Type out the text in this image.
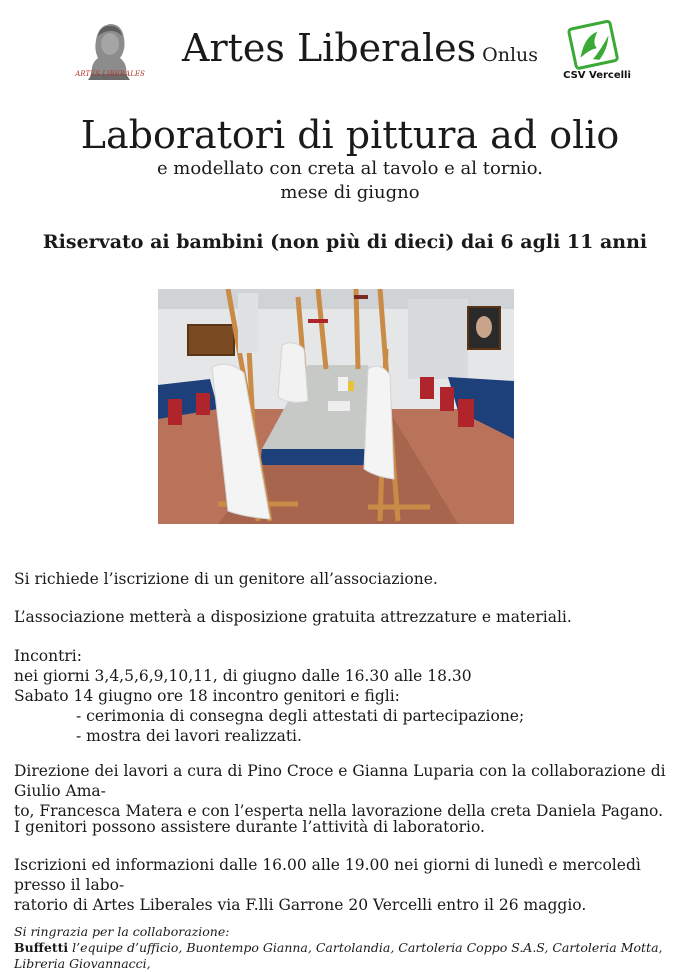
ARTES LIBERALES
Artes Liberales Onlus
CSV Vercelli
Laboratori di pittura ad olio
e modellato con creta al tavolo e al tornio.
mese di giugno
Riservato ai bambini (non più di dieci) dai 6 agli 11 anni
Si richiede l’iscrizione di un genitore all’associazione.
L’associazione metterà a disposizione gratuita attrezzature e materiali.
Incontri:
nei giorni 3,4,5,6,9,10,11, di giugno dalle 16.30 alle 18.30
Sabato 14 giugno ore 18 incontro genitori e figli:
- cerimonia di consegna degli attestati di partecipazione;
- mostra dei lavori realizzati.
Direzione dei lavori a cura di Pino Croce e Gianna Luparia con la collaborazione di Giulio Ama-
to, Francesca Matera e con l’esperta nella lavorazione della creta Daniela Pagano.
I genitori possono assistere durante l’attività di laboratorio.
Iscrizioni ed informazioni dalle 16.00 alle 19.00 nei giorni di lunedì e mercoledì presso il labo-
ratorio di Artes Liberales via F.lli Garrone 20 Vercelli entro il 26 maggio.
Si ringrazia per la collaborazione:
Buffetti l’equipe d’ufficio, Buontempo Gianna, Cartolandia, Cartoleria Coppo S.A.S, Cartoleria Motta,
Libreria Giovannacci,
